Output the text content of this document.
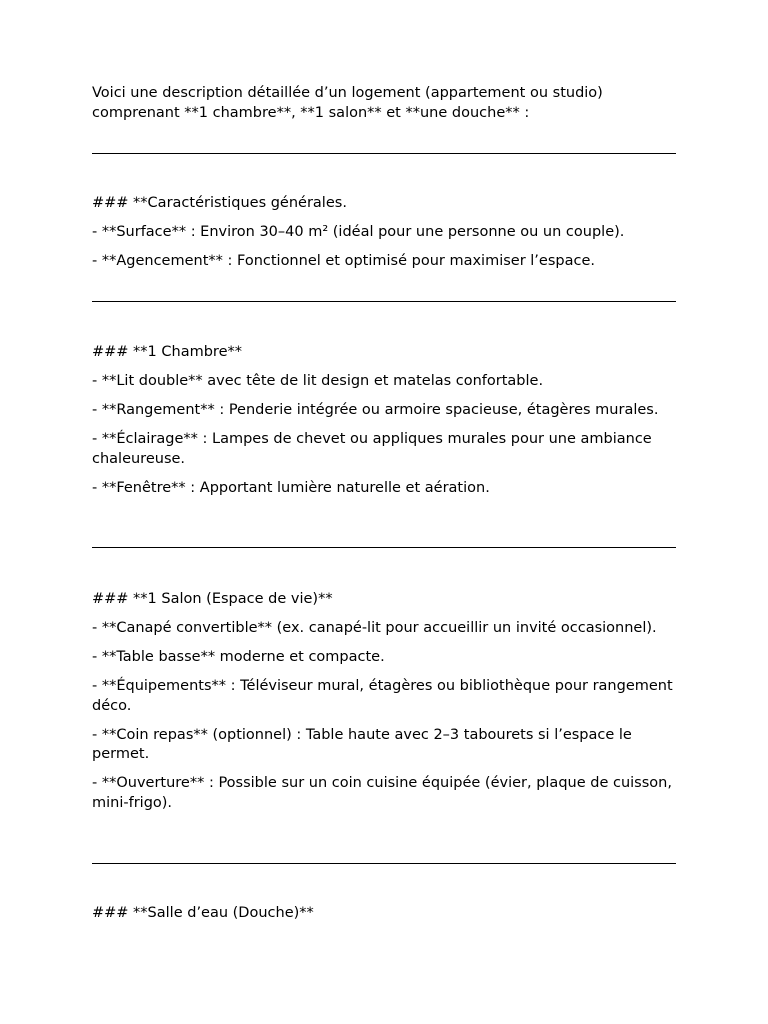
Voici une description détaillée d’un logement (appartement ou studio) comprenant **1 chambre**, **1 salon** et **une douche** :

### **Caractéristiques générales.

- **Surface** : Environ 30–40 m² (idéal pour une personne ou un couple).

- **Agencement** : Fonctionnel et optimisé pour maximiser l’espace.

### **1 Chambre**

- **Lit double** avec tête de lit design et matelas confortable.

- **Rangement** : Penderie intégrée ou armoire spacieuse, étagères murales.

- **Éclairage** : Lampes de chevet ou appliques murales pour une ambiance chaleureuse.

- **Fenêtre** : Apportant lumière naturelle et aération.

### **1 Salon (Espace de vie)**

- **Canapé convertible** (ex. canapé-lit pour accueillir un invité occasionnel).

- **Table basse** moderne et compacte.

- **Équipements** : Téléviseur mural, étagères ou bibliothèque pour rangement déco.

- **Coin repas** (optionnel) : Table haute avec 2–3 tabourets si l’espace le permet.

- **Ouverture** : Possible sur un coin cuisine équipée (évier, plaque de cuisson, mini-frigo).

### **Salle d’eau (Douche)**
